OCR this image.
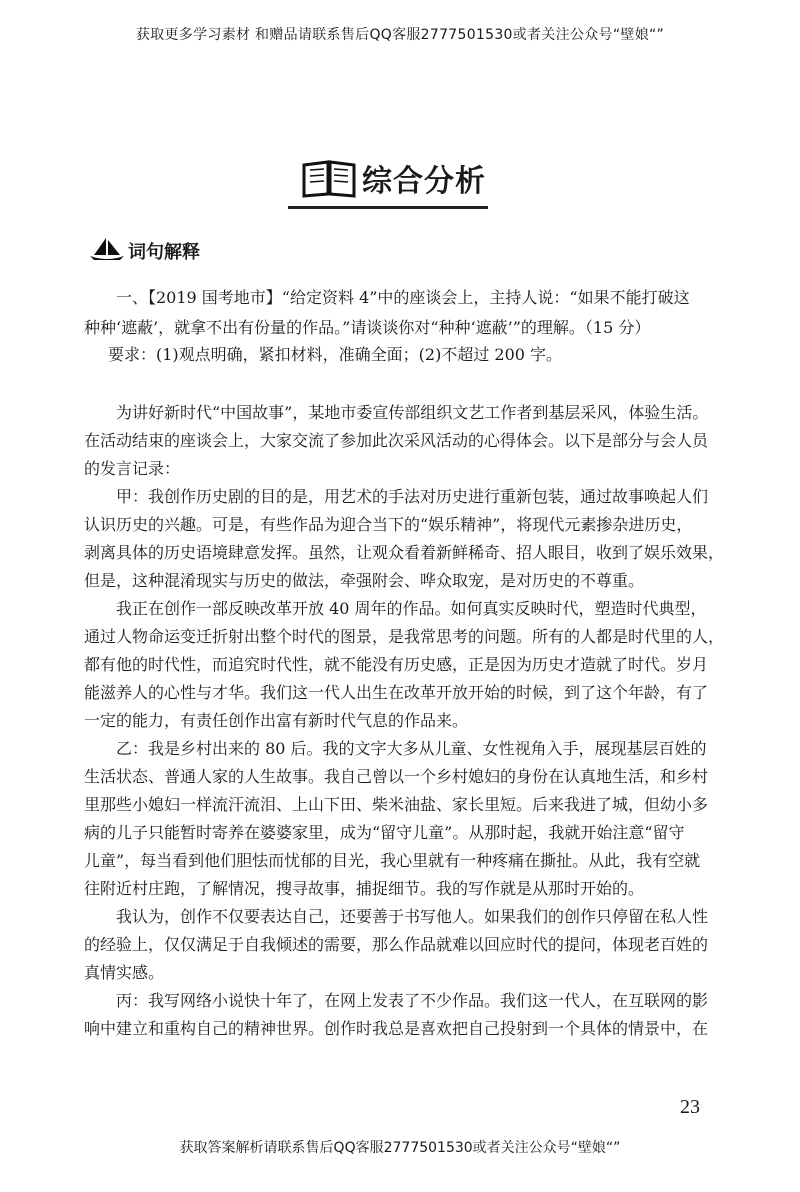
获取更多学习素材 和赠品请联系售后QQ客服2777501530或者关注公众号“壁娘“”
综合分析
词句解释
一、【2019 国考地市】“给定资料 4”中的座谈会上，主持人说：“如果不能打破这
种种‘遮蔽’，就拿不出有份量的作品。”请谈谈你对“种种‘遮蔽’”的理解。（15 分）
要求：(1)观点明确，紧扣材料，准确全面；(2)不超过 200 字。
为讲好新时代“中国故事”，某地市委宣传部组织文艺工作者到基层采风，体验生活。
在活动结束的座谈会上，大家交流了参加此次采风活动的心得体会。以下是部分与会人员
的发言记录：
甲：我创作历史剧的目的是，用艺术的手法对历史进行重新包装，通过故事唤起人们
认识历史的兴趣。可是，有些作品为迎合当下的“娱乐精神”，将现代元素掺杂进历史，
剥离具体的历史语境肆意发挥。虽然，让观众看着新鲜稀奇、招人眼目，收到了娱乐效果，
但是，这种混淆现实与历史的做法，牵强附会、哗众取宠，是对历史的不尊重。
我正在创作一部反映改革开放 40 周年的作品。如何真实反映时代，塑造时代典型，
通过人物命运变迁折射出整个时代的图景，是我常思考的问题。所有的人都是时代里的人，
都有他的时代性，而追究时代性，就不能没有历史感，正是因为历史才造就了时代。岁月
能滋养人的心性与才华。我们这一代人出生在改革开放开始的时候，到了这个年龄，有了
一定的能力，有责任创作出富有新时代气息的作品来。
乙：我是乡村出来的 80 后。我的文字大多从儿童、女性视角入手，展现基层百姓的
生活状态、普通人家的人生故事。我自己曾以一个乡村媳妇的身份在认真地生活，和乡村
里那些小媳妇一样流汗流泪、上山下田、柴米油盐、家长里短。后来我进了城，但幼小多
病的儿子只能暂时寄养在婆婆家里，成为“留守儿童”。从那时起，我就开始注意“留守
儿童”，每当看到他们胆怯而忧郁的目光，我心里就有一种疼痛在撕扯。从此，我有空就
往附近村庄跑，了解情况，搜寻故事，捕捉细节。我的写作就是从那时开始的。
我认为，创作不仅要表达自己，还要善于书写他人。如果我们的创作只停留在私人性
的经验上，仅仅满足于自我倾述的需要，那么作品就难以回应时代的提问，体现老百姓的
真情实感。
丙：我写网络小说快十年了，在网上发表了不少作品。我们这一代人，在互联网的影
响中建立和重构自己的精神世界。创作时我总是喜欢把自己投射到一个具体的情景中，在
23
获取答案解析请联系售后QQ客服2777501530或者关注公众号“壁娘“”
